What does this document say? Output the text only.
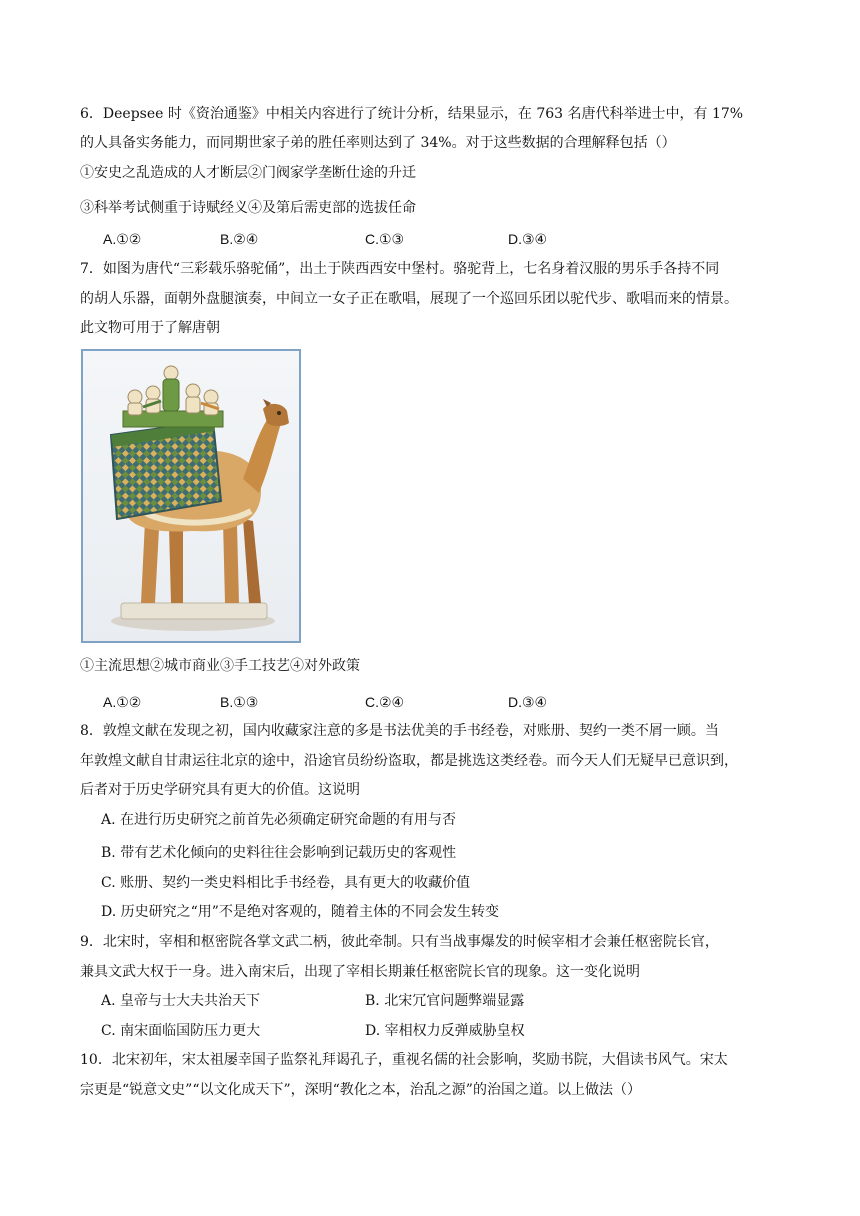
6．Deepsee 时《资治通鉴》中相关内容进行了统计分析，结果显示，在 763 名唐代科举进士中，有 17%
的人具备实务能力，而同期世家子弟的胜任率则达到了 34%。对于这些数据的合理解释包括（）
①安史之乱造成的人才断层②门阀家学垄断仕途的升迁
③科举考试侧重于诗赋经义④及第后需吏部的选拔任命
A.①②	B.②④	C.①③	D.③④
7．如图为唐代“三彩载乐骆驼俑”，出土于陕西西安中堡村。骆驼背上，七名身着汉服的男乐手各持不同
的胡人乐器，面朝外盘腿演奏，中间立一女子正在歌唱，展现了一个巡回乐团以驼代步、歌唱而来的情景。
此文物可用于了解唐朝
①主流思想②城市商业③手工技艺④对外政策
A.①②	B.①③	C.②④	D.③④
8．敦煌文献在发现之初，国内收藏家注意的多是书法优美的手书经卷，对账册、契约一类不屑一顾。当
年敦煌文献自甘肃运往北京的途中，沿途官员纷纷盗取，都是挑选这类经卷。而今天人们无疑早已意识到，
后者对于历史学研究具有更大的价值。这说明
A. 在进行历史研究之前首先必须确定研究命题的有用与否
B. 带有艺术化倾向的史料往往会影响到记载历史的客观性
C. 账册、契约一类史料相比手书经卷，具有更大的收藏价值
D. 历史研究之“用”不是绝对客观的，随着主体的不同会发生转变
9．北宋时，宰相和枢密院各掌文武二柄，彼此牵制。只有当战事爆发的时候宰相才会兼任枢密院长官，
兼具文武大权于一身。进入南宋后，出现了宰相长期兼任枢密院长官的现象。这一变化说明
A. 皇帝与士大夫共治天下	B. 北宋冗官问题弊端显露
C. 南宋面临国防压力更大	D. 宰相权力反弹威胁皇权
10．北宋初年，宋太祖屡幸国子监祭礼拜谒孔子，重视名儒的社会影响，奖励书院，大倡读书风气。宋太
宗更是“锐意文史”“以文化成天下”，深明“教化之本，治乱之源”的治国之道。以上做法（）
